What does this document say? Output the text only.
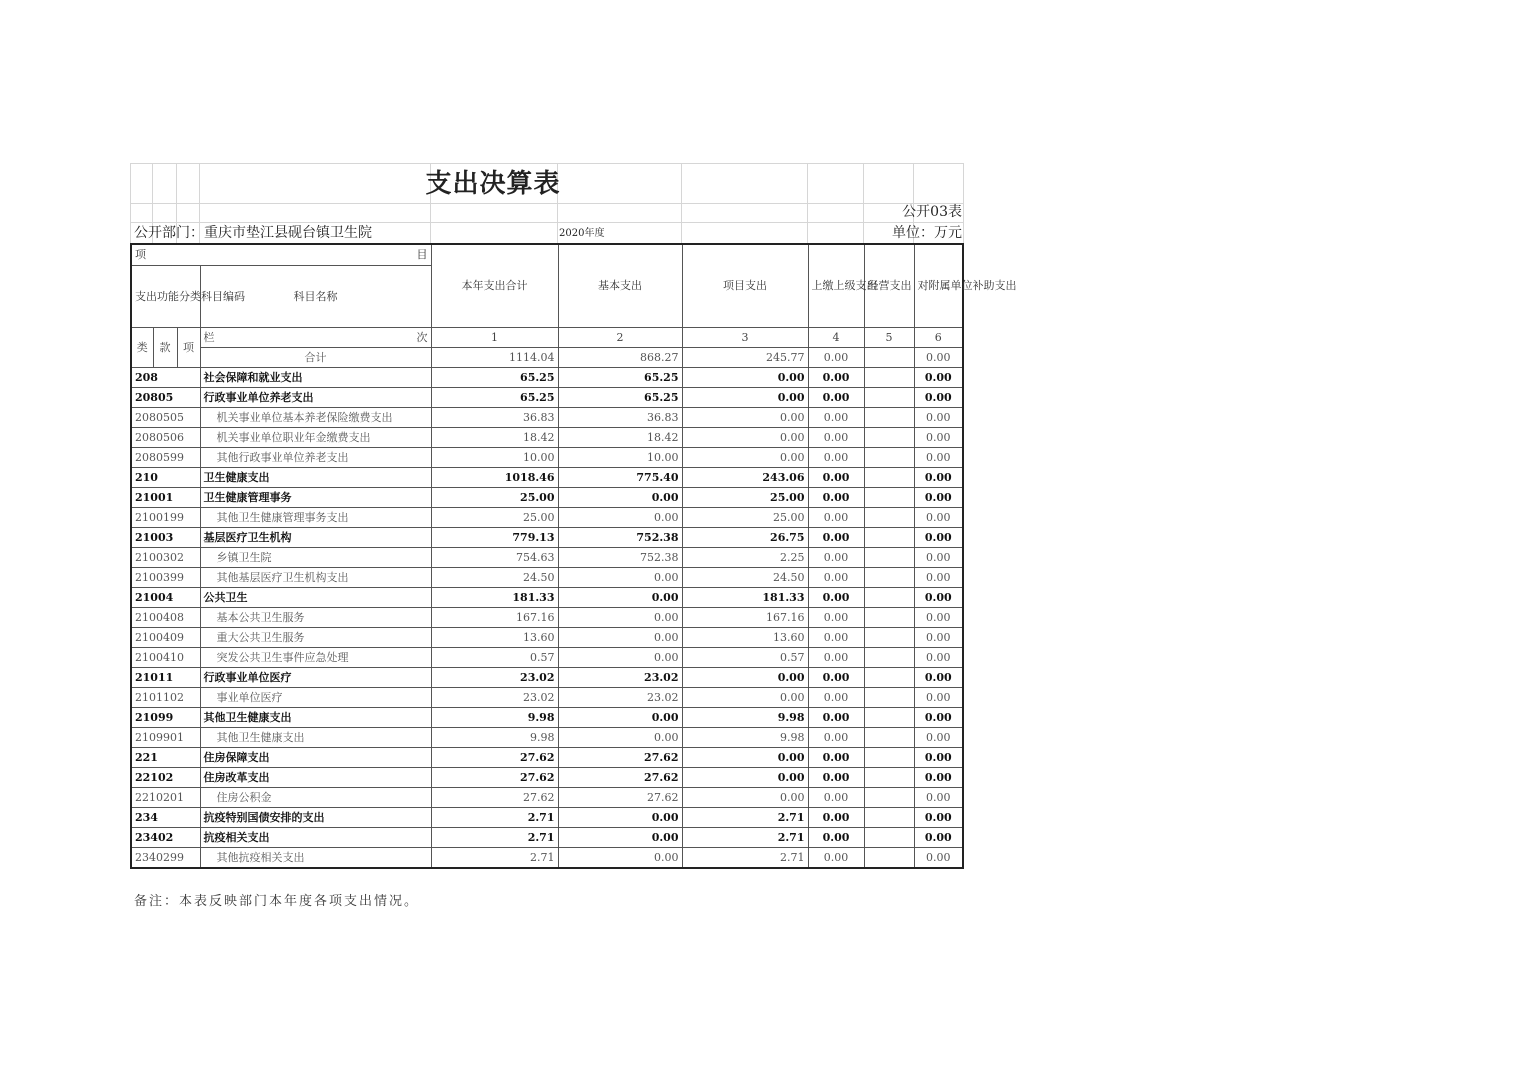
支出决算表
公开03表
公开部门：重庆市垫江县砚台镇卫生院	2020年度	单位：万元
项 目				本年支出合计	基本支出	项目支出	上缴上级支出	经营支出	对附属单位补助支出
支出功能分类科目编码			科目名称						

类	款	项	栏 次	1	2	3	4	5	6
			合计	1114.04	868.27	245.77	0.00		0.00
208			社会保障和就业支出	65.25	65.25	0.00	0.00		0.00
20805			行政事业单位养老支出	65.25	65.25	0.00	0.00		0.00
2080505			机关事业单位基本养老保险缴费支出	36.83	36.83	0.00	0.00		0.00
2080506			机关事业单位职业年金缴费支出	18.42	18.42	0.00	0.00		0.00
2080599			其他行政事业单位养老支出	10.00	10.00	0.00	0.00		0.00
210			卫生健康支出	1018.46	775.40	243.06	0.00		0.00
21001			卫生健康管理事务	25.00	0.00	25.00	0.00		0.00
2100199			其他卫生健康管理事务支出	25.00	0.00	25.00	0.00		0.00
21003			基层医疗卫生机构	779.13	752.38	26.75	0.00		0.00
2100302			乡镇卫生院	754.63	752.38	2.25	0.00		0.00
2100399			其他基层医疗卫生机构支出	24.50	0.00	24.50	0.00		0.00
21004			公共卫生	181.33	0.00	181.33	0.00		0.00
2100408			基本公共卫生服务	167.16	0.00	167.16	0.00		0.00
2100409			重大公共卫生服务	13.60	0.00	13.60	0.00		0.00
2100410			突发公共卫生事件应急处理	0.57	0.00	0.57	0.00		0.00
21011			行政事业单位医疗	23.02	23.02	0.00	0.00		0.00
2101102			事业单位医疗	23.02	23.02	0.00	0.00		0.00
21099			其他卫生健康支出	9.98	0.00	9.98	0.00		0.00
2109901			其他卫生健康支出	9.98	0.00	9.98	0.00		0.00
221			住房保障支出	27.62	27.62	0.00	0.00		0.00
22102			住房改革支出	27.62	27.62	0.00	0.00		0.00
2210201			住房公积金	27.62	27.62	0.00	0.00		0.00
234			抗疫特别国债安排的支出	2.71	0.00	2.71	0.00		0.00
23402			抗疫相关支出	2.71	0.00	2.71	0.00		0.00
2340299			其他抗疫相关支出	2.71	0.00	2.71	0.00		0.00
备注：本表反映部门本年度各项支出情况。
